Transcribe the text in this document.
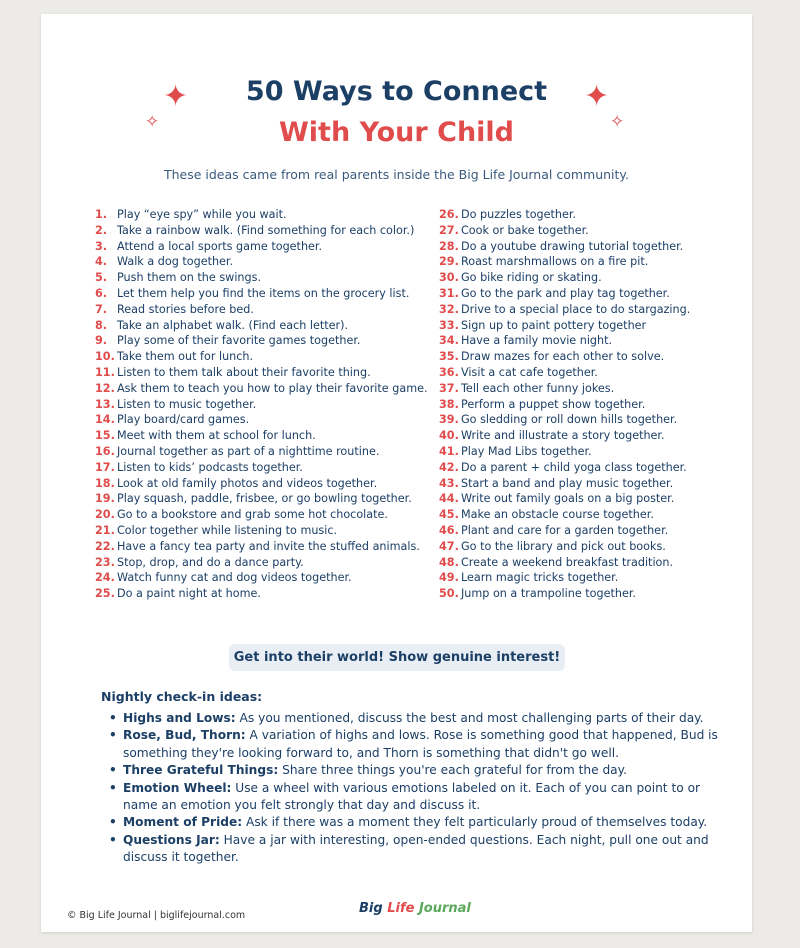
✦
✧
✦
✧
50 Ways to Connect
With Your Child
These ideas came from real parents inside the Big Life Journal community.
1. Play “eye spy” while you wait.
2. Take a rainbow walk. (Find something for each color.)
3. Attend a local sports game together.
4. Walk a dog together.
5. Push them on the swings.
6. Let them help you find the items on the grocery list.
7. Read stories before bed.
8. Take an alphabet walk. (Find each letter).
9. Play some of their favorite games together.
10. Take them out for lunch.
11. Listen to them talk about their favorite thing.
12. Ask them to teach you how to play their favorite game.
13. Listen to music together.
14. Play board/card games.
15. Meet with them at school for lunch.
16. Journal together as part of a nighttime routine.
17. Listen to kids’ podcasts together.
18. Look at old family photos and videos together.
19. Play squash, paddle, frisbee, or go bowling together.
20. Go to a bookstore and grab some hot chocolate.
21. Color together while listening to music.
22. Have a fancy tea party and invite the stuffed animals.
23. Stop, drop, and do a dance party.
24. Watch funny cat and dog videos together.
25. Do a paint night at home.
26. Do puzzles together.
27. Cook or bake together.
28. Do a youtube drawing tutorial together.
29. Roast marshmallows on a fire pit.
30. Go bike riding or skating.
31. Go to the park and play tag together.
32. Drive to a special place to do stargazing.
33. Sign up to paint pottery together
34. Have a family movie night.
35. Draw mazes for each other to solve.
36. Visit a cat cafe together.
37. Tell each other funny jokes.
38. Perform a puppet show together.
39. Go sledding or roll down hills together.
40. Write and illustrate a story together.
41. Play Mad Libs together.
42. Do a parent + child yoga class together.
43. Start a band and play music together.
44. Write out family goals on a big poster.
45. Make an obstacle course together.
46. Plant and care for a garden together.
47. Go to the library and pick out books.
48. Create a weekend breakfast tradition.
49. Learn magic tricks together.
50. Jump on a trampoline together.
Get into their world! Show genuine interest!
Nightly check-in ideas:
• Highs and Lows: As you mentioned, discuss the best and most challenging parts of their day.
• Rose, Bud, Thorn: A variation of highs and lows. Rose is something good that happened, Bud is something they're looking forward to, and Thorn is something that didn't go well.
• Three Grateful Things: Share three things you're each grateful for from the day.
• Emotion Wheel: Use a wheel with various emotions labeled on it. Each of you can point to or name an emotion you felt strongly that day and discuss it.
• Moment of Pride: Ask if there was a moment they felt particularly proud of themselves today.
• Questions Jar: Have a jar with interesting, open-ended questions. Each night, pull one out and discuss it together.
© Big Life Journal | biglifejournal.com	Big Life Journal
